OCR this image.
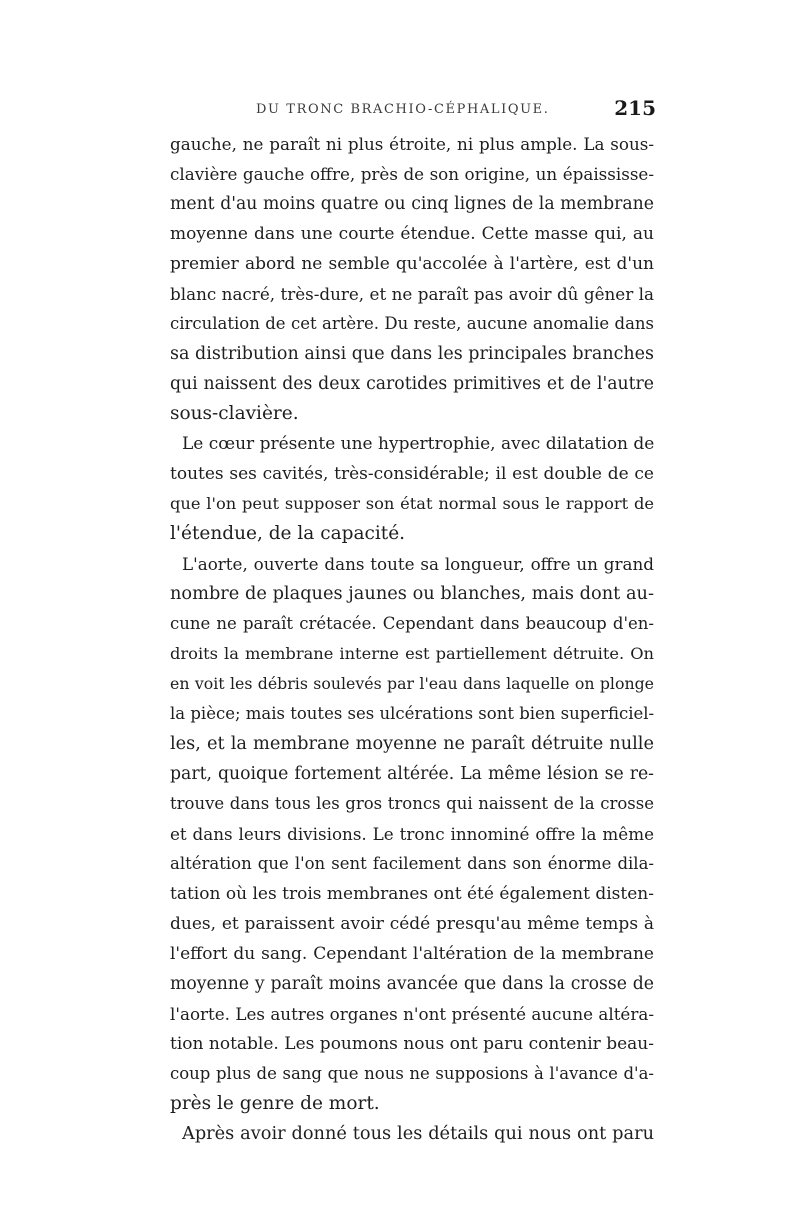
DU TRONC BRACHIO-CÉPHALIQUE.	215
gauche, ne paraît ni plus étroite, ni plus ample. La sous-
clavière gauche offre, près de son origine, un épaississe-
ment d'au moins quatre ou cinq lignes de la membrane
moyenne dans une courte étendue. Cette masse qui, au
premier abord ne semble qu'accolée à l'artère, est d'un
blanc nacré, très-dure, et ne paraît pas avoir dû gêner la
circulation de cet artère. Du reste, aucune anomalie dans
sa distribution ainsi que dans les principales branches
qui naissent des deux carotides primitives et de l'autre
sous-clavière.
Le cœur présente une hypertrophie, avec dilatation de
toutes ses cavités, très-considérable; il est double de ce
que l'on peut supposer son état normal sous le rapport de
l'étendue, de la capacité.
L'aorte, ouverte dans toute sa longueur, offre un grand
nombre de plaques jaunes ou blanches, mais dont au-
cune ne paraît crétacée. Cependant dans beaucoup d'en-
droits la membrane interne est partiellement détruite. On
en voit les débris soulevés par l'eau dans laquelle on plonge
la pièce; mais toutes ses ulcérations sont bien superficiel-
les, et la membrane moyenne ne paraît détruite nulle
part, quoique fortement altérée. La même lésion se re-
trouve dans tous les gros troncs qui naissent de la crosse
et dans leurs divisions. Le tronc innominé offre la même
altération que l'on sent facilement dans son énorme dila-
tation où les trois membranes ont été également disten-
dues, et paraissent avoir cédé presqu'au même temps à
l'effort du sang. Cependant l'altération de la membrane
moyenne y paraît moins avancée que dans la crosse de
l'aorte. Les autres organes n'ont présenté aucune altéra-
tion notable. Les poumons nous ont paru contenir beau-
coup plus de sang que nous ne supposions à l'avance d'a-
près le genre de mort.
Après avoir donné tous les détails qui nous ont paru
